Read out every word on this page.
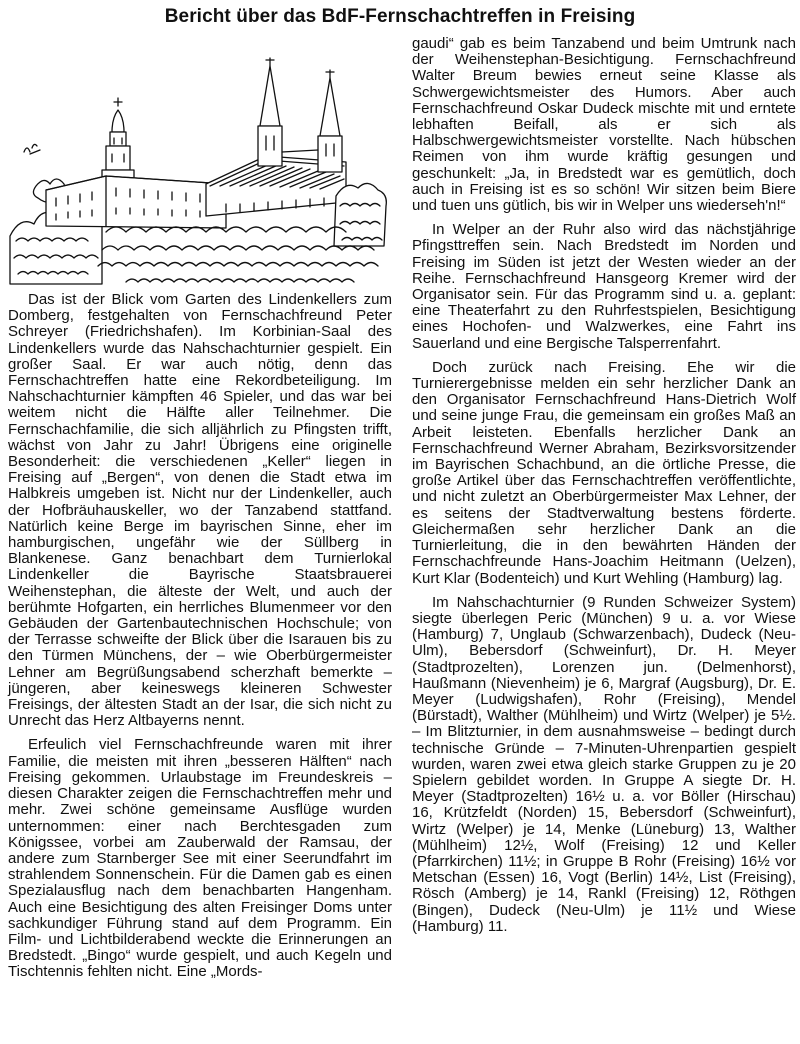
Bericht über das BdF-Fernschachtreffen in Freising

Das ist der Blick vom Garten des Lindenkellers zum Domberg, festgehalten von Fernschachfreund Peter Schreyer (Friedrichshafen). Im Korbinian-Saal des Lindenkellers wurde das Nahschachturnier gespielt. Ein großer Saal. Er war auch nötig, denn das Fernschachtreffen hatte eine Rekordbeteiligung. Im Nahschachturnier kämpften 46 Spieler, und das war bei weitem nicht die Hälfte aller Teilnehmer. Die Fernschachfamilie, die sich alljährlich zu Pfingsten trifft, wächst von Jahr zu Jahr! Übrigens eine originelle Besonderheit: die verschiedenen „Keller“ liegen in Freising auf „Bergen“, von denen die Stadt etwa im Halbkreis umgeben ist. Nicht nur der Lindenkeller, auch der Hofbräuhauskeller, wo der Tanzabend stattfand. Natürlich keine Berge im bayrischen Sinne, eher im hamburgischen, ungefähr wie der Süllberg in Blankenese. Ganz benachbart dem Turnierlokal Lindenkeller die Bayrische Staatsbrauerei Weihenstephan, die älteste der Welt, und auch der berühmte Hofgarten, ein herrliches Blumenmeer vor den Gebäuden der Gartenbautechnischen Hochschule; von der Terrasse schweifte der Blick über die Isarauen bis zu den Türmen Münchens, der – wie Oberbürgermeister Lehner am Begrüßungsabend scherzhaft bemerkte – jüngeren, aber keineswegs kleineren Schwester Freisings, der ältesten Stadt an der Isar, die sich nicht zu Unrecht das Herz Altbayerns nennt.

Erfeulich viel Fernschachfreunde waren mit ihrer Familie, die meisten mit ihren „besseren Hälften“ nach Freising gekommen. Urlaubstage im Freundeskreis – diesen Charakter zeigen die Fernschachtreffen mehr und mehr. Zwei schöne gemeinsame Ausflüge wurden unternommen: einer nach Berchtesgaden zum Königssee, vorbei am Zauberwald der Ramsau, der andere zum Starnberger See mit einer Seerundfahrt im strahlendem Sonnenschein. Für die Damen gab es einen Spezialausflug nach dem benachbarten Hangenham. Auch eine Besichtigung des alten Freisinger Doms unter sachkundiger Führung stand auf dem Programm. Ein Film- und Lichtbilderabend weckte die Erinnerungen an Bredstedt. „Bingo“ wurde gespielt, und auch Kegeln und Tischtennis fehlten nicht. Eine „Mords-

gaudi“ gab es beim Tanzabend und beim Umtrunk nach der Weihenstephan-Besichtigung. Fernschachfreund Walter Breum bewies erneut seine Klasse als Schwergewichtsmeister des Humors. Aber auch Fernschachfreund Oskar Dudeck mischte mit und erntete lebhaften Beifall, als er sich als Halbschwergewichtsmeister vorstellte. Nach hübschen Reimen von ihm wurde kräftig gesungen und geschunkelt: „Ja, in Bredstedt war es gemütlich, doch auch in Freising ist es so schön! Wir sitzen beim Biere und tuen uns gütlich, bis wir in Welper uns wiederseh'n!“

In Welper an der Ruhr also wird das nächstjährige Pfingsttreffen sein. Nach Bredstedt im Norden und Freising im Süden ist jetzt der Westen wieder an der Reihe. Fernschachfreund Hansgeorg Kremer wird der Organisator sein. Für das Programm sind u. a. geplant: eine Theaterfahrt zu den Ruhrfestspielen, Besichtigung eines Hochofen- und Walzwerkes, eine Fahrt ins Sauerland und eine Bergische Talsperrenfahrt.

Doch zurück nach Freising. Ehe wir die Turnierergebnisse melden ein sehr herzlicher Dank an den Organisator Fernschachfreund Hans-Dietrich Wolf und seine junge Frau, die gemeinsam ein großes Maß an Arbeit leisteten. Ebenfalls herzlicher Dank an Fernschachfreund Werner Abraham, Bezirksvorsitzender im Bayrischen Schachbund, an die örtliche Presse, die große Artikel über das Fernschachtreffen veröffentlichte, und nicht zuletzt an Oberbürgermeister Max Lehner, der es seitens der Stadtverwaltung bestens förderte. Gleichermaßen sehr herzlicher Dank an die Turnierleitung, die in den bewährten Händen der Fernschachfreunde Hans-Joachim Heitmann (Uelzen), Kurt Klar (Bodenteich) und Kurt Wehling (Hamburg) lag.

Im Nahschachturnier (9 Runden Schweizer System) siegte überlegen Peric (München) 9 u. a. vor Wiese (Hamburg) 7, Unglaub (Schwarzenbach), Dudeck (Neu-Ulm), Bebersdorf (Schweinfurt), Dr. H. Meyer (Stadtprozelten), Lorenzen jun. (Delmenhorst), Haußmann (Nievenheim) je 6, Margraf (Augsburg), Dr. E. Meyer (Ludwigshafen), Rohr (Freising), Mendel (Bürstadt), Walther (Mühlheim) und Wirtz (Welper) je 5½. – Im Blitzturnier, in dem ausnahmsweise – bedingt durch technische Gründe – 7-Minuten-Uhrenpartien gespielt wurden, waren zwei etwa gleich starke Gruppen zu je 20 Spielern gebildet worden. In Gruppe A siegte Dr. H. Meyer (Stadtprozelten) 16½ u. a. vor Böller (Hirschau) 16, Krützfeldt (Norden) 15, Bebersdorf (Schweinfurt), Wirtz (Welper) je 14, Menke (Lüneburg) 13, Walther (Mühlheim) 12½, Wolf (Freising) 12 und Keller (Pfarrkirchen) 11½; in Gruppe B Rohr (Freising) 16½ vor Metschan (Essen) 16, Vogt (Berlin) 14½, List (Freising), Rösch (Amberg) je 14, Rankl (Freising) 12, Röthgen (Bingen), Dudeck (Neu-Ulm) je 11½ und Wiese (Hamburg) 11.
